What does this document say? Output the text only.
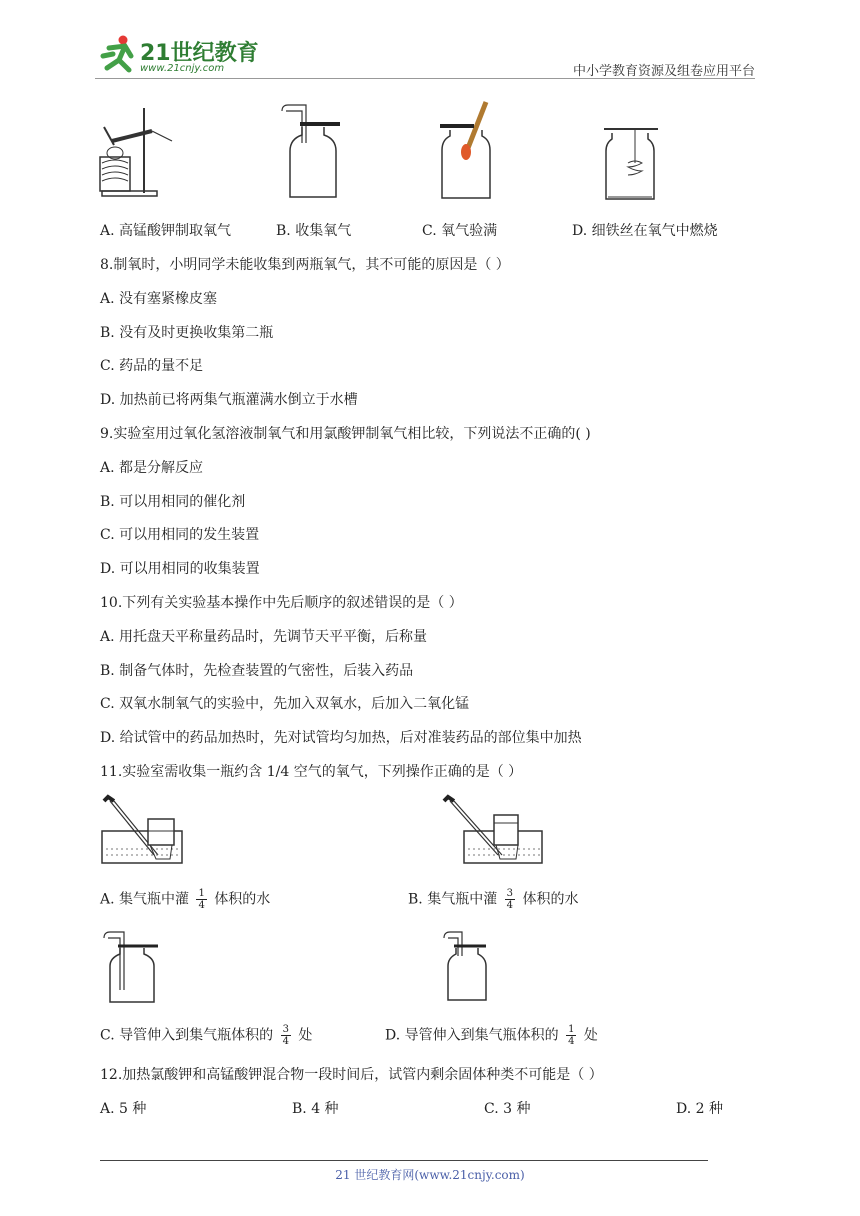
21世纪教育
www.21cnjy.com	中小学教育资源及组卷应用平台
A. 高锰酸钾制取氧气	B. 收集氧气	C. 氧气验满	D. 细铁丝在氧气中燃烧
8.制氧时，小明同学未能收集到两瓶氧气，其不可能的原因是（ ）
A. 没有塞紧橡皮塞
B. 没有及时更换收集第二瓶
C. 药品的量不足
D. 加热前已将两集气瓶灌满水倒立于水槽
9.实验室用过氧化氢溶液制氧气和用氯酸钾制氧气相比较，下列说法不正确的( )
A. 都是分解反应
B. 可以用相同的催化剂
C. 可以用相同的发生装置
D. 可以用相同的收集装置
10.下列有关实验基本操作中先后顺序的叙述错误的是（ ）
A. 用托盘天平称量药品时，先调节天平平衡，后称量
B. 制备气体时，先检查装置的气密性，后装入药品
C. 双氧水制氧气的实验中，先加入双氧水，后加入二氧化锰
D. 给试管中的药品加热时，先对试管均匀加热，后对准装药品的部位集中加热
11.实验室需收集一瓶约含 1/4 空气的氧气，下列操作正确的是（ ）
A. 集气瓶中灌 $\frac{1}{4}$ 体积的水	B. 集气瓶中灌 $\frac{3}{4}$ 体积的水
C. 导管伸入到集气瓶体积的 $\frac{3}{4}$ 处	D. 导管伸入到集气瓶体积的 $\frac{1}{4}$ 处
12.加热氯酸钾和高锰酸钾混合物一段时间后，试管内剩余固体种类不可能是（ ）
A. 5 种	B. 4 种	C. 3 种	D. 2 种
21 世纪教育网(www.21cnjy.com)
